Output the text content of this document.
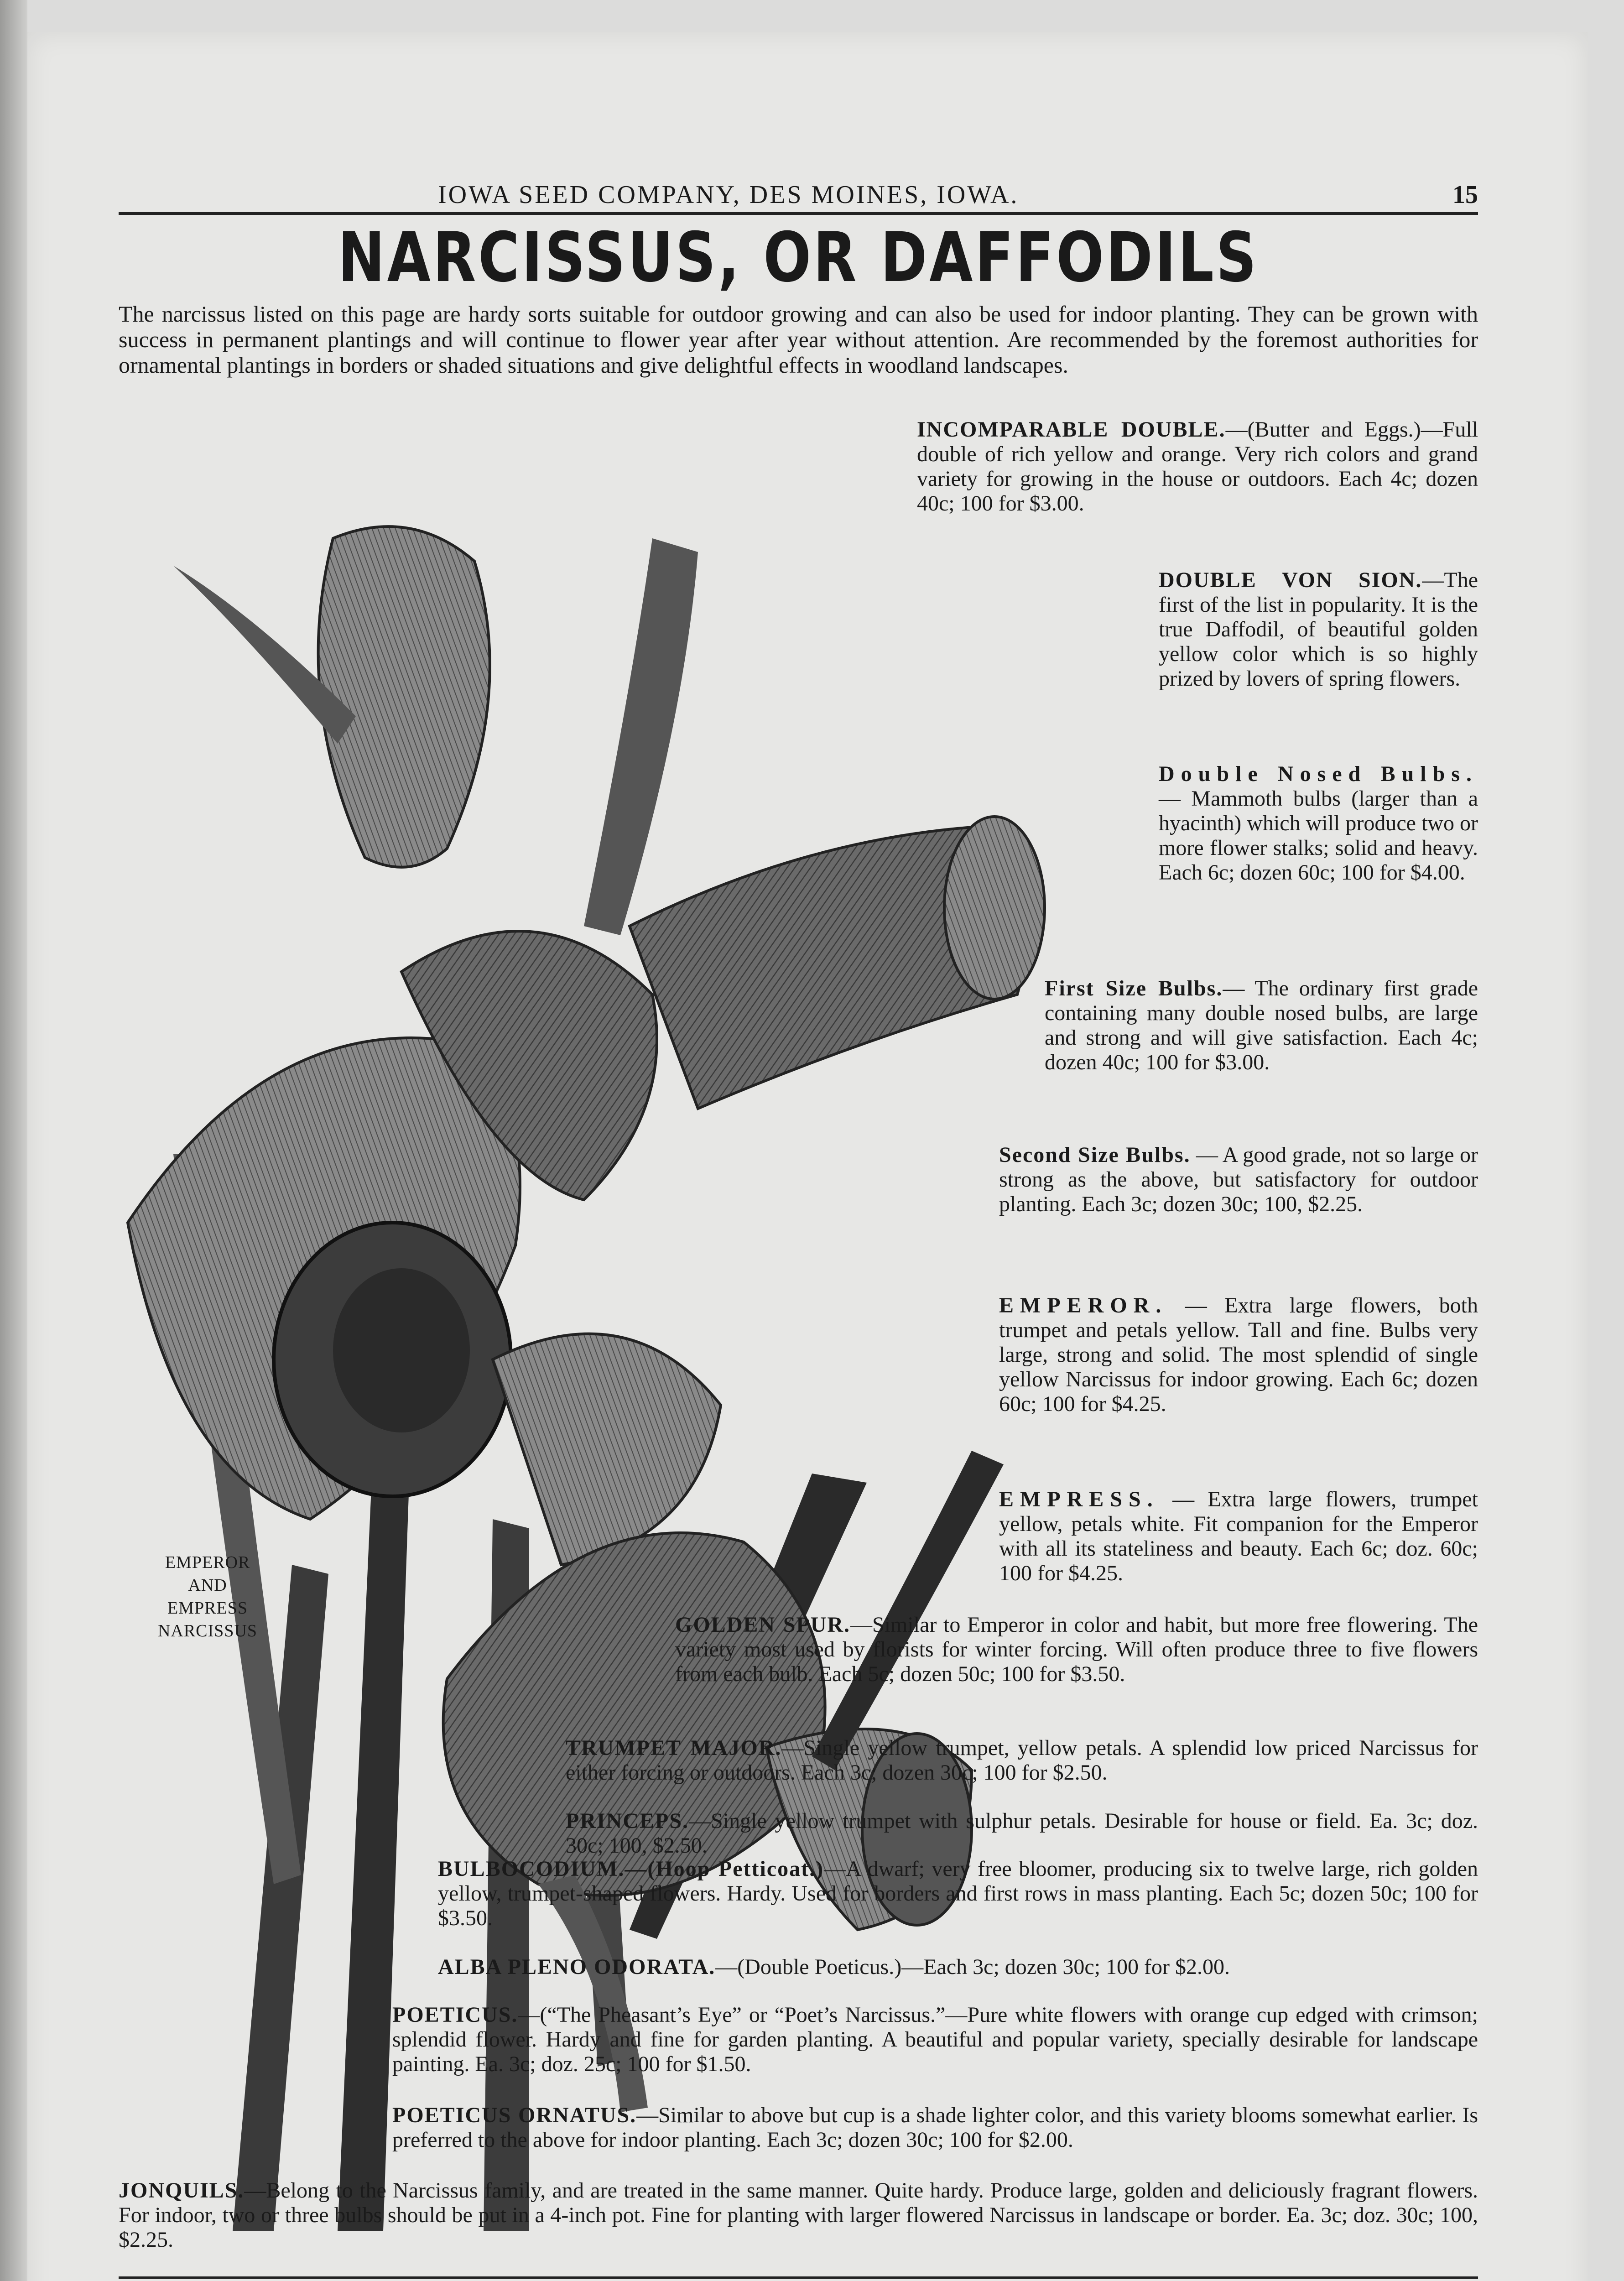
IOWA SEED COMPANY, DES MOINES, IOWA.	15
NARCISSUS, OR DAFFODILS
The narcissus listed on this page are hardy sorts suitable for outdoor growing and can also be used for indoor planting. They can be grown with success in permanent plantings and will continue to flower year after year without attention. Are recommended by the foremost authorities for ornamental plantings in borders or shaded situations and give delightful effects in woodland landscapes.
EMPEROR
AND
EMPRESS
NARCISSUS
INCOMPARABLE DOUBLE.—(Butter and Eggs.)—Full double of rich yellow and orange. Very rich colors and grand variety for growing in the house or outdoors. Each 4c; dozen 40c; 100 for $3.00.
DOUBLE VON SION.—The first of the list in popularity. It is the true Daffodil, of beautiful golden yellow color which is so highly prized by lovers of spring flowers.
Double Nosed Bulbs.— Mammoth bulbs (larger than a hyacinth) which will produce two or more flower stalks; solid and heavy. Each 6c; dozen 60c; 100 for $4.00.
First Size Bulbs.— The ordinary first grade containing many double nosed bulbs, are large and strong and will give satisfaction. Each 4c; dozen 40c; 100 for $3.00.
Second Size Bulbs. — A good grade, not so large or strong as the above, but satisfactory for outdoor planting. Each 3c; dozen 30c; 100, $2.25.
EMPEROR. — Extra large flowers, both trumpet and petals yellow. Tall and fine. Bulbs very large, strong and solid. The most splendid of single yellow Narcissus for indoor growing. Each 6c; dozen 60c; 100 for $4.25.
EMPRESS. — Extra large flowers, trumpet yellow, petals white. Fit companion for the Emperor with all its stateliness and beauty. Each 6c; doz. 60c; 100 for $4.25.
GOLDEN SPUR.—Similar to Emperor in color and habit, but more free flowering. The variety most used by florists for winter forcing. Will often produce three to five flowers from each bulb. Each 5c; dozen 50c; 100 for $3.50.
TRUMPET MAJOR.—Single yellow trumpet, yellow petals. A splendid low priced Narcissus for either forcing or outdoors. Each 3c; dozen 30c; 100 for $2.50.
PRINCEPS.—Single yellow trumpet with sulphur petals. Desirable for house or field. Ea. 3c; doz. 30c; 100, $2.50.
BULBOCODIUM.—(Hoop Petticoat.)—A dwarf; very free bloomer, producing six to twelve large, rich golden yellow, trumpet-shaped flowers. Hardy. Used for borders and first rows in mass planting. Each 5c; dozen 50c; 100 for $3.50.
ALBA PLENO ODORATA.—(Double Poeticus.)—Each 3c; dozen 30c; 100 for $2.00.
POETICUS.—(“The Pheasant’s Eye” or “Poet’s Narcissus.”—Pure white flowers with orange cup edged with crimson; splendid flower. Hardy and fine for garden planting. A beautiful and popular variety, specially desirable for landscape painting. Ea. 3c; doz. 25c; 100 for $1.50.
POETICUS ORNATUS.—Similar to above but cup is a shade lighter color, and this variety blooms somewhat earlier. Is preferred to the above for indoor planting. Each 3c; dozen 30c; 100 for $2.00.
JONQUILS.—Belong to the Narcissus family, and are treated in the same manner. Quite hardy. Produce large, golden and deliciously fragrant flowers. For indoor, two or three bulbs should be put in a 4-inch pot. Fine for planting with larger flowered Narcissus in landscape or border. Ea. 3c; doz. 30c; 100, $2.25.
